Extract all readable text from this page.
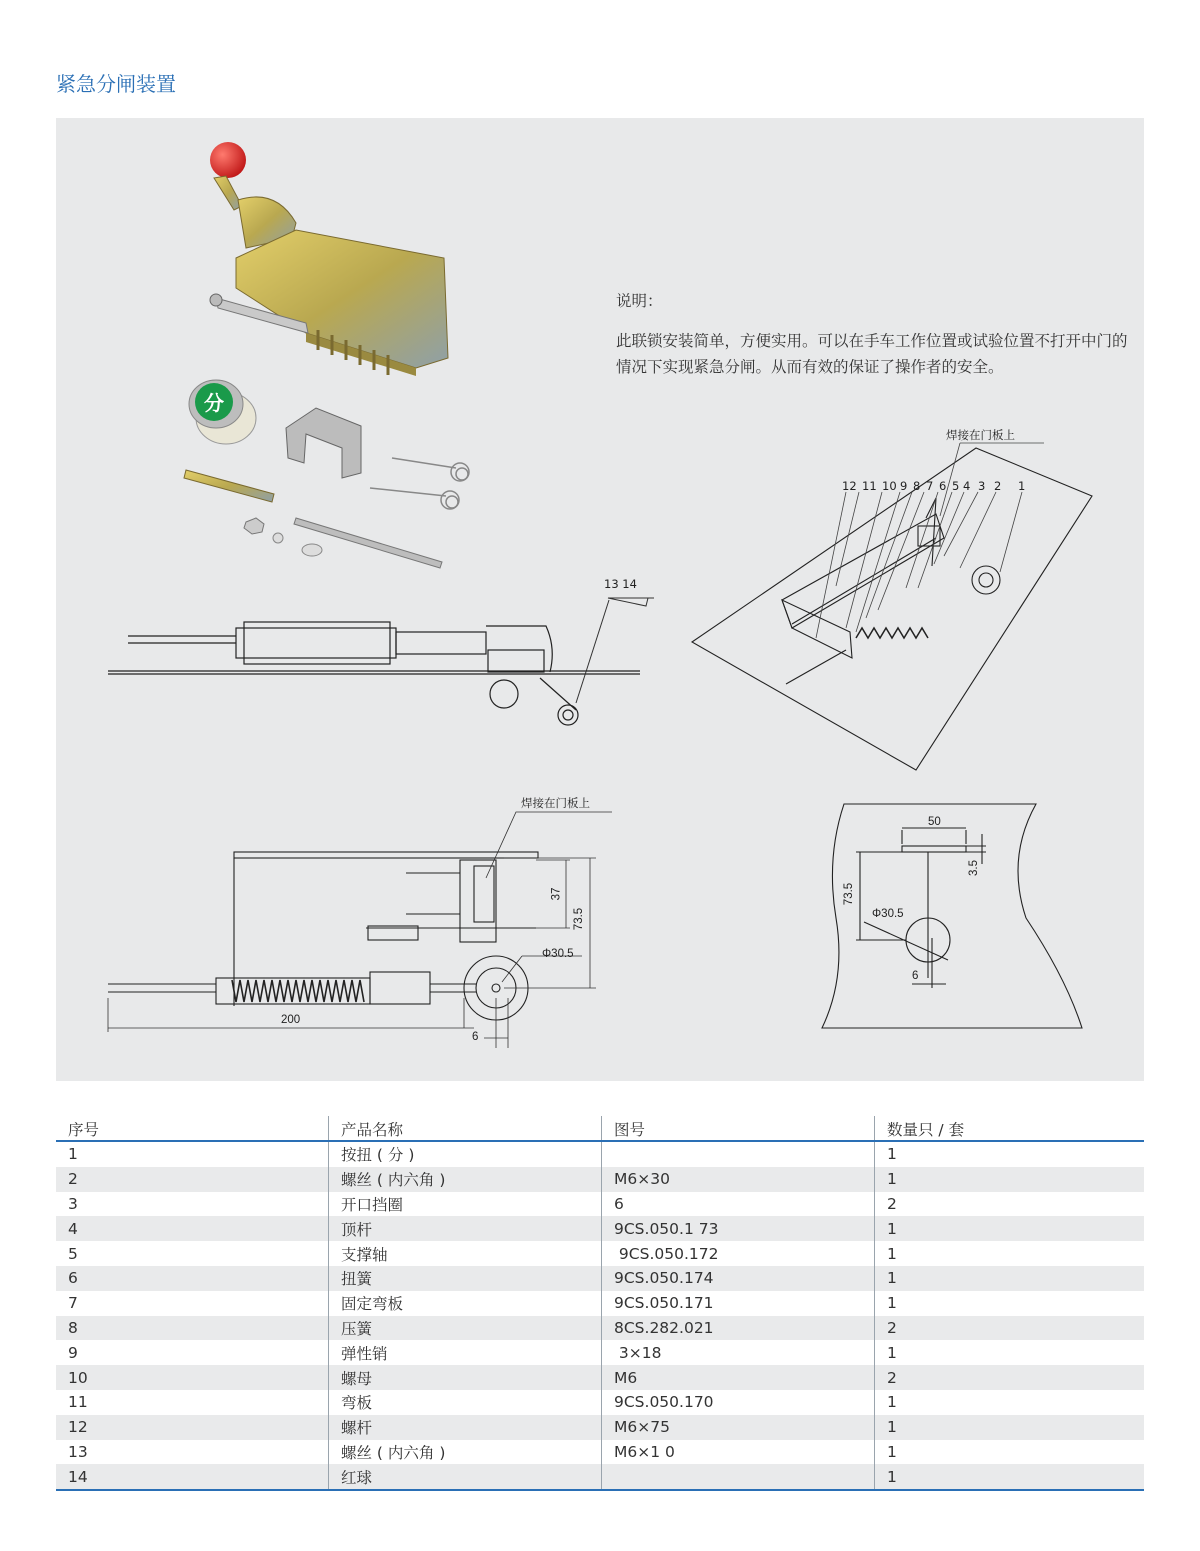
紧急分闸装置
分
说明：
此联锁安装简单，方便实用。可以在手车工作位置或试验位置不打开中门的情况下实现紧急分闸。从而有效的保证了操作者的安全。
13 14
焊接在门板上
焊接在门板上
12 11 10 9 8 7 6 5 4 3 2 1
200
73.5
37
Φ30.5
6
50
3.5
73.5
Φ30.5
6
序号	产品名称	图号	数量只 / 套
1	按扭 ( 分 )		1
2	螺丝 ( 内六角 )	M6×30	1
3	开口挡圈	6	2
4	顶杆	9CS.050.1 73	1
5	支撑轴	9CS.050.172	1
6	扭簧	9CS.050.174	1
7	固定弯板	9CS.050.171	1
8	压簧	8CS.282.021	2
9	弹性销	3×18	1
10	螺母	M6	2
11	弯板	9CS.050.170	1
12	螺杆	M6×75	1
13	螺丝 ( 内六角 )	M6×1 0	1
14	红球		1
